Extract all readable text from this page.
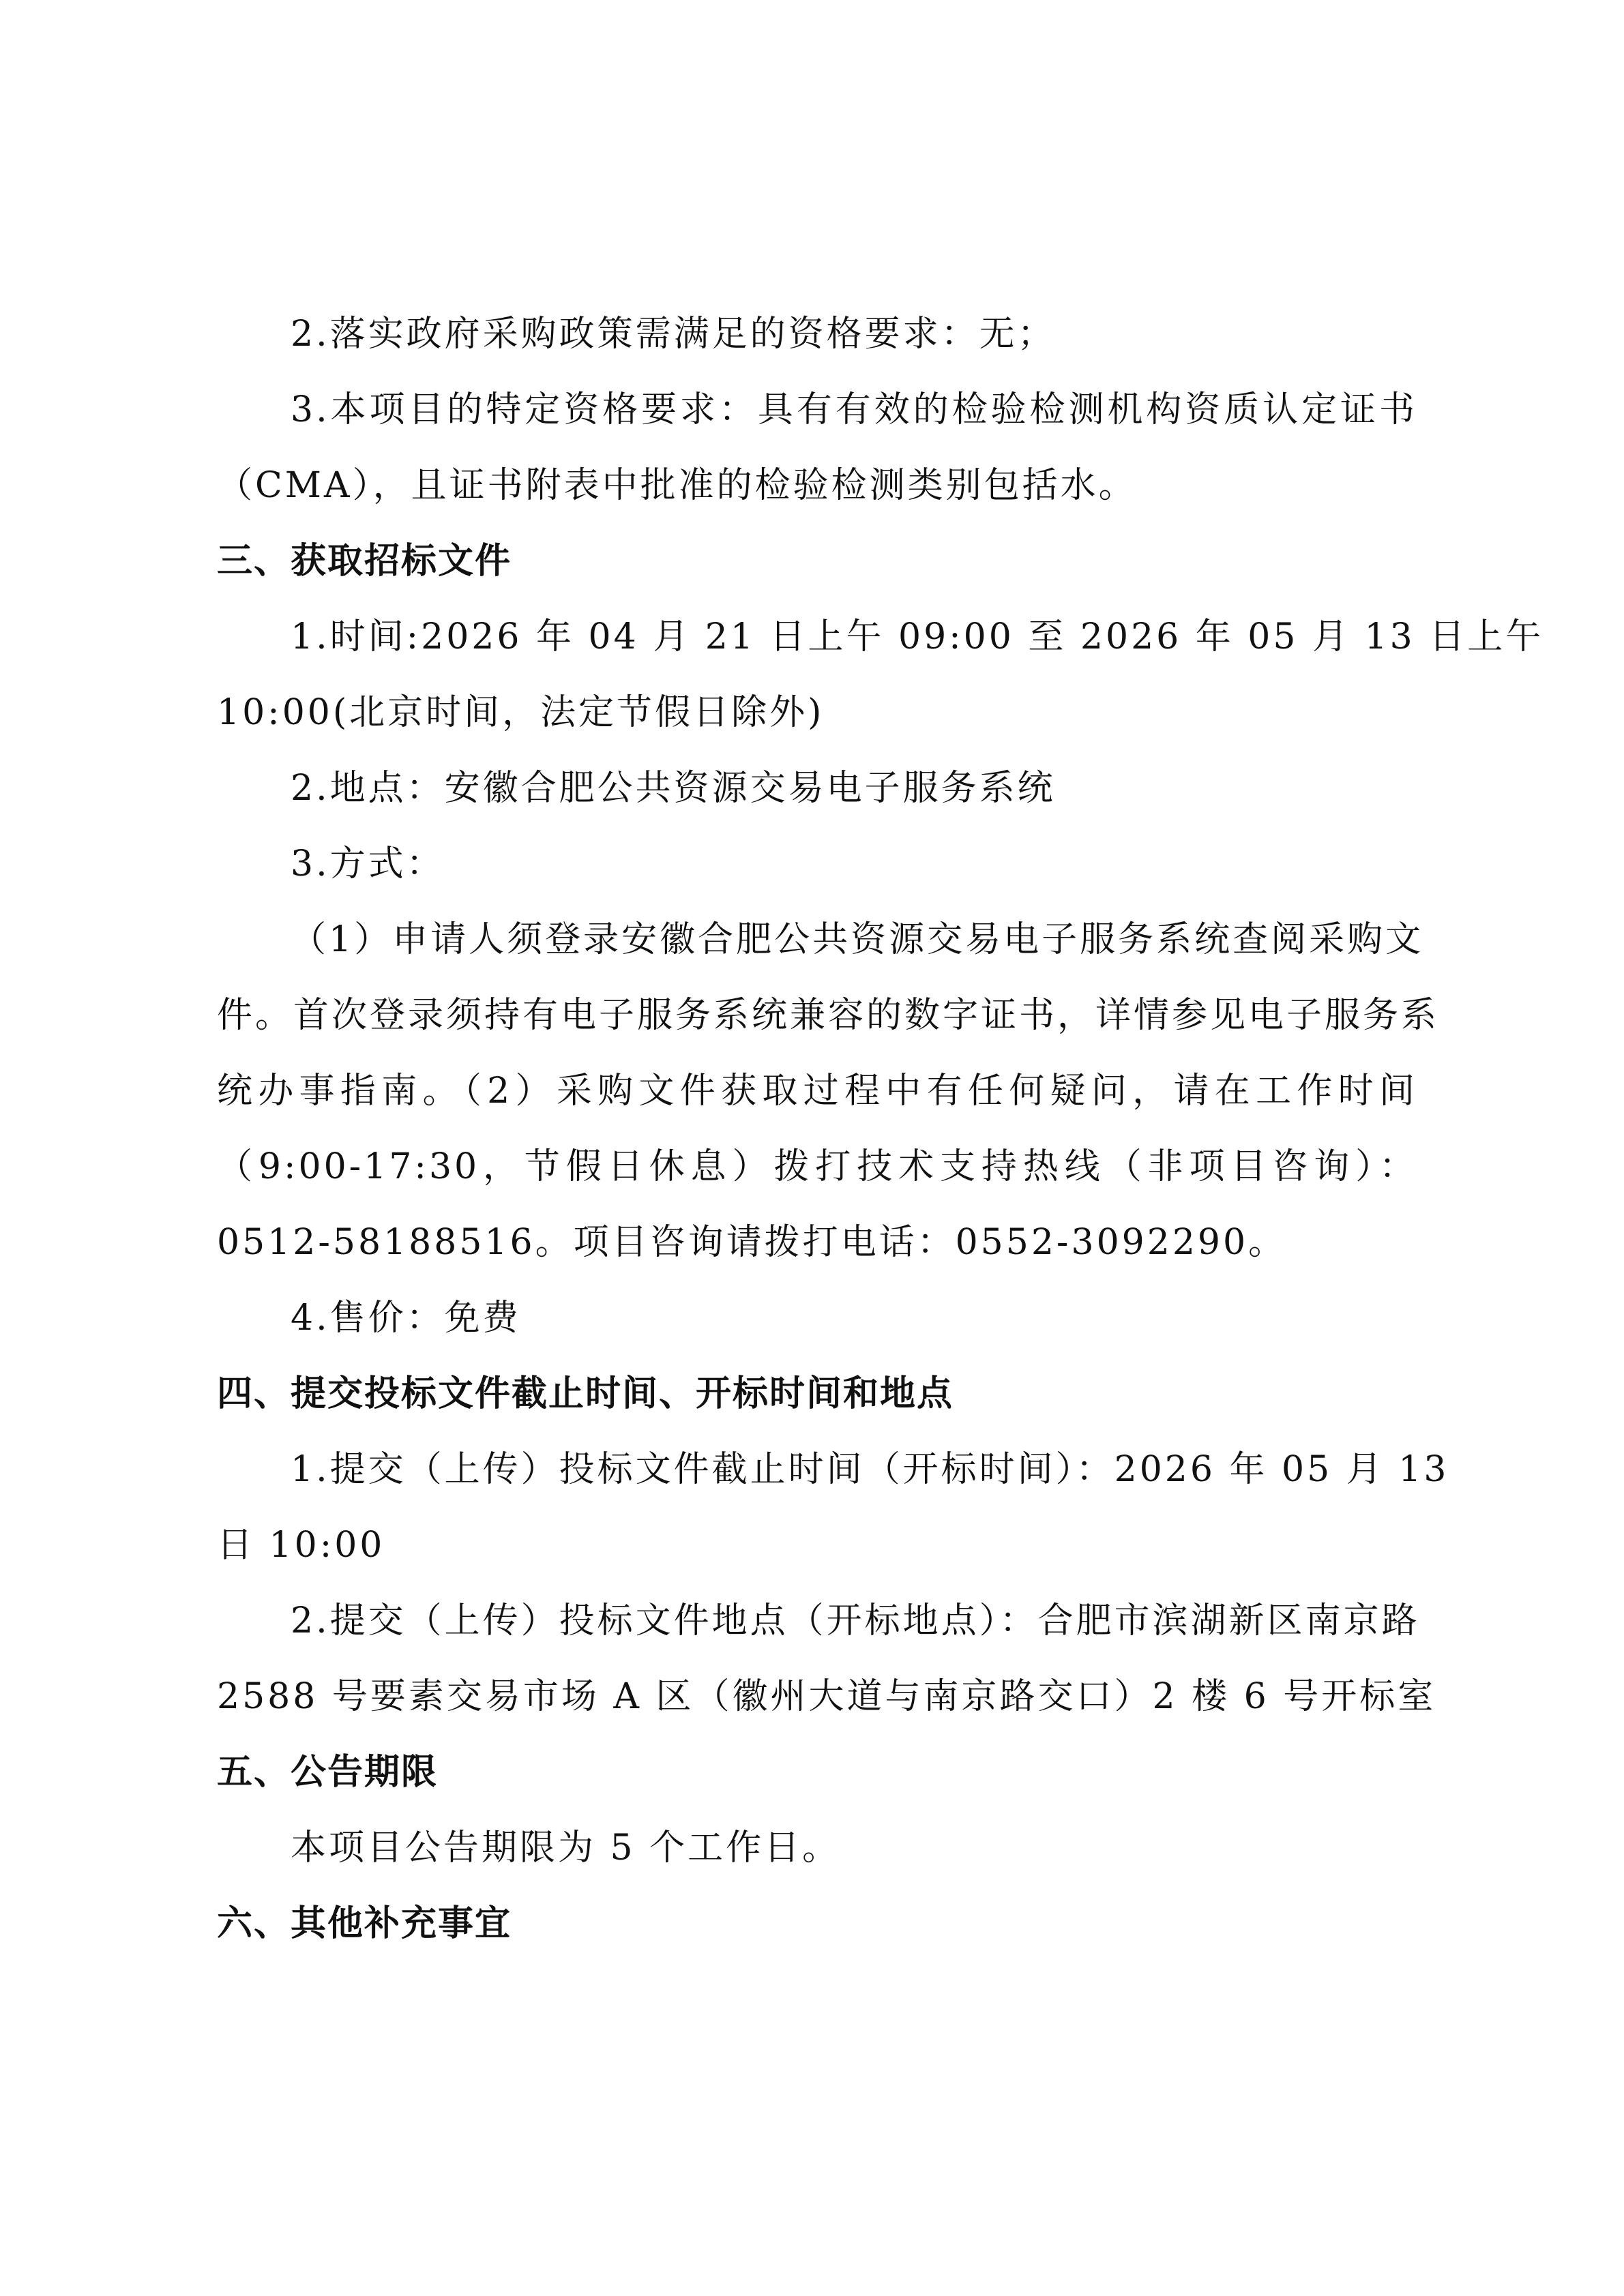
2.落实政府采购政策需满足的资格要求：无；
3.本项目的特定资格要求：具有有效的检验检测机构资质认定证书
（CMA），且证书附表中批准的检验检测类别包括水。
三、获取招标文件
1.时间:2026 年 04 月 21 日上午 09:00 至 2026 年 05 月 13 日上午
10:00(北京时间，法定节假日除外)
2.地点：安徽合肥公共资源交易电子服务系统
3.方式：
（1）申请人须登录安徽合肥公共资源交易电子服务系统查阅采购文
件。首次登录须持有电子服务系统兼容的数字证书，详情参见电子服务系
统办事指南。（2）采购文件获取过程中有任何疑问，请在工作时间
（9:00-17:30，节假日休息）拨打技术支持热线（非项目咨询）：
0512-58188516。项目咨询请拨打电话：0552-3092290。
4.售价：免费
四、提交投标文件截止时间、开标时间和地点
1.提交（上传）投标文件截止时间（开标时间）：2026 年 05 月 13
日 10:00
2.提交（上传）投标文件地点（开标地点）：合肥市滨湖新区南京路
2588 号要素交易市场 A 区（徽州大道与南京路交口）2 楼 6 号开标室
五、公告期限
本项目公告期限为 5 个工作日。
六、其他补充事宜
